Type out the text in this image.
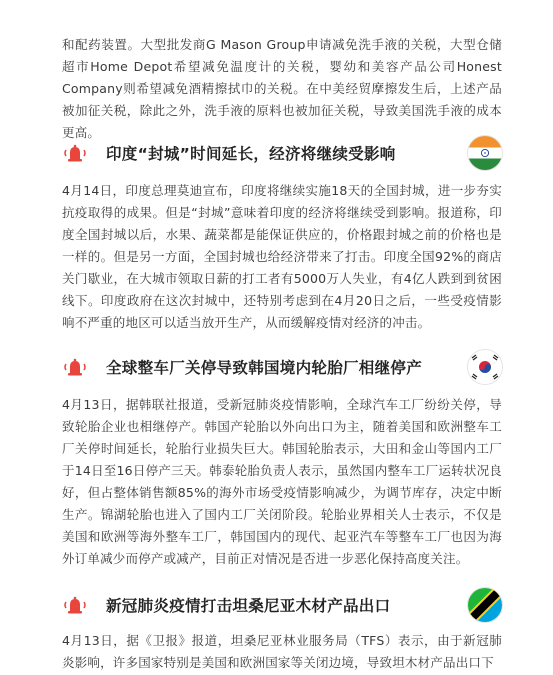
和配药装置。大型批发商G Mason Group申请减免洗手液的关税，大型仓储超市Home Depot希望减免温度计的关税，婴幼和美容产品公司Honest Company则希望减免酒精擦拭巾的关税。在中美经贸摩擦发生后，上述产品被加征关税，除此之外，洗手液的原料也被加征关税，导致美国洗手液的成本更高。

印度“封城”时间延长，经济将继续受影响

4月14日，印度总理莫迪宣布，印度将继续实施18天的全国封城，进一步夯实抗疫取得的成果。但是“封城”意味着印度的经济将继续受到影响。报道称，印度全国封城以后，水果、蔬菜都是能保证供应的，价格跟封城之前的价格也是一样的。但是另一方面，全国封城也给经济带来了打击。印度全国92%的商店关门歇业，在大城市领取日薪的打工者有5000万人失业，有4亿人跌到到贫困线下。印度政府在这次封城中，还特别考虑到在4月20日之后，一些受疫情影响不严重的地区可以适当放开生产，从而缓解疫情对经济的冲击。

全球整车厂关停导致韩国境内轮胎厂相继停产

4月13日，据韩联社报道，受新冠肺炎疫情影响，全球汽车工厂纷纷关停，导致轮胎企业也相继停产。韩国产轮胎以外向出口为主，随着美国和欧洲整车工厂关停时间延长，轮胎行业损失巨大。韩国轮胎表示，大田和金山等国内工厂于14日至16日停产三天。韩泰轮胎负责人表示，虽然国内整车工厂运转状况良好，但占整体销售额85%的海外市场受疫情影响减少，为调节库存，决定中断生产。锦湖轮胎也进入了国内工厂关闭阶段。轮胎业界相关人士表示，不仅是美国和欧洲等海外整车工厂，韩国国内的现代、起亚汽车等整车工厂也因为海外订单减少而停产或减产，目前正对情况是否进一步恶化保持高度关注。

新冠肺炎疫情打击坦桑尼亚木材产品出口

4月13日，据《卫报》报道，坦桑尼亚林业服务局（TFS）表示，由于新冠肺炎影响，许多国家特别是美国和欧洲国家等关闭边境，导致坦木材产品出口下
